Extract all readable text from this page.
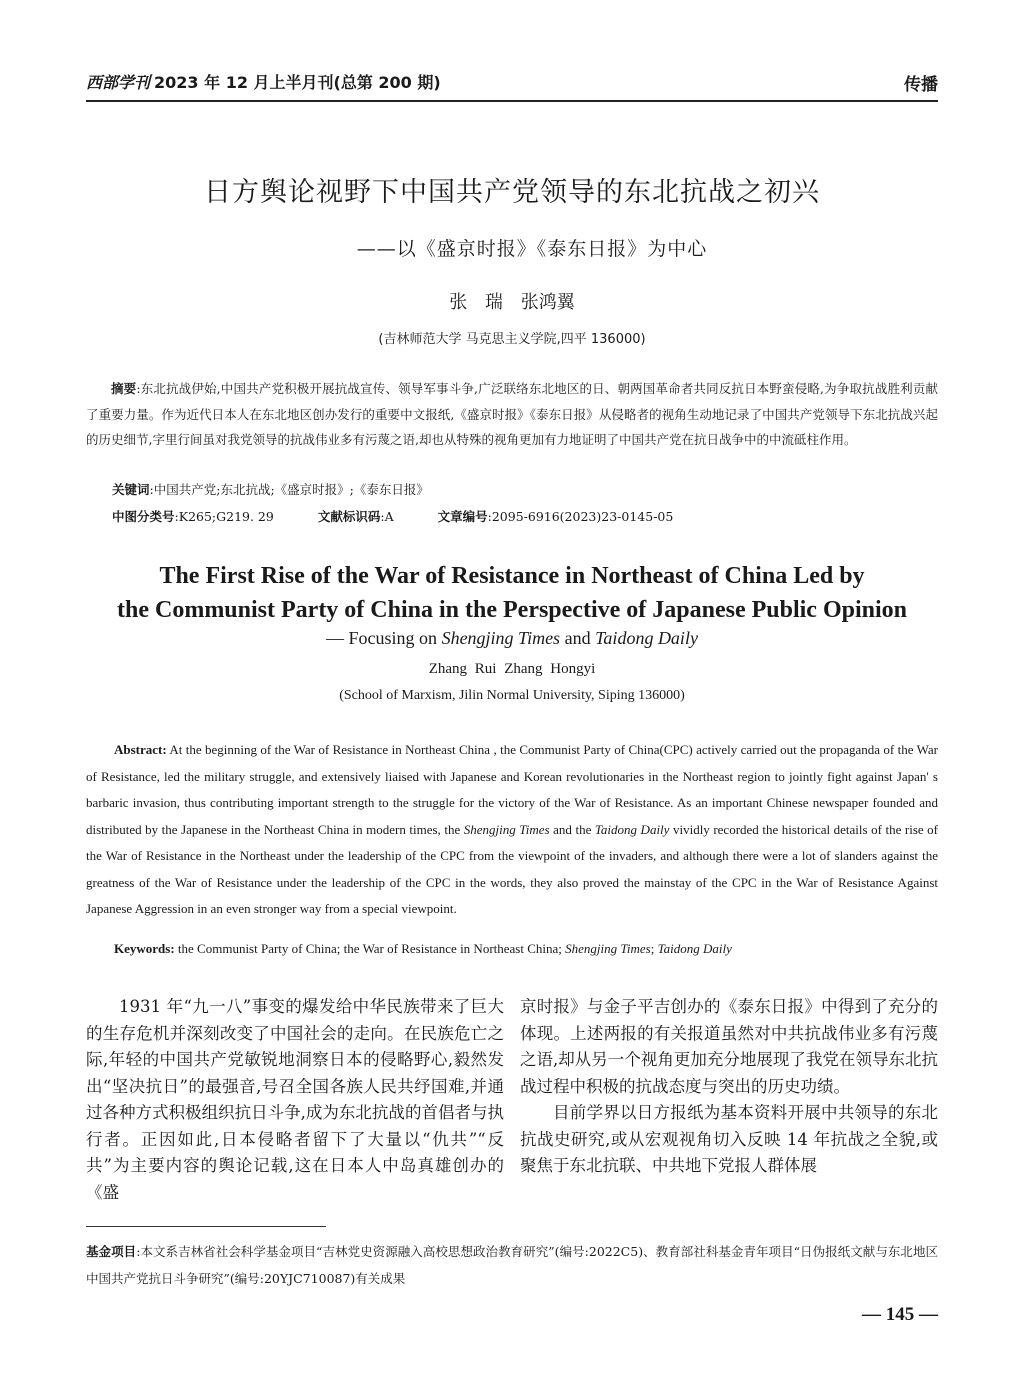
西部学刊 2023 年 12 月上半月刊(总第 200 期)	传播
日方舆论视野下中国共产党领导的东北抗战之初兴
——以《盛京时报》《泰东日报》为中心
张 瑞 张鸿翼
(吉林师范大学 马克思主义学院,四平 136000)

摘要:东北抗战伊始,中国共产党积极开展抗战宣传、领导军事斗争,广泛联络东北地区的日、朝两国革命者共同反抗日本野蛮侵略,为争取抗战胜利贡献了重要力量。作为近代日本人在东北地区创办发行的重要中文报纸,《盛京时报》《泰东日报》从侵略者的视角生动地记录了中国共产党领导下东北抗战兴起的历史细节,字里行间虽对我党领导的抗战伟业多有污蔑之语,却也从特殊的视角更加有力地证明了中国共产党在抗日战争中的中流砥柱作用。

关键词:中国共产党;东北抗战;《盛京时报》;《泰东日报》
中图分类号:K265;G219. 29	文献标识码:A	文章编号:2095-6916(2023)23-0145-05
The First Rise of the War of Resistance in Northeast of China Led by
the Communist Party of China in the Perspective of Japanese Public Opinion
— Focusing on Shengjing Times and Taidong Daily
Zhang Rui Zhang Hongyi
(School of Marxism, Jilin Normal University, Siping 136000)
Abstract: At the beginning of the War of Resistance in Northeast China , the Communist Party of China(CPC) actively carried out the propaganda of the War of Resistance, led the military struggle, and extensively liaised with Japanese and Korean revolutionaries in the Northeast region to jointly fight against Japan' s barbaric invasion, thus contributing important strength to the struggle for the victory of the War of Resistance. As an important Chinese newspaper founded and distributed by the Japanese in the Northeast China in modern times, the Shengjing Times and the Taidong Daily vividly recorded the historical details of the rise of the War of Resistance in the Northeast under the leadership of the CPC from the viewpoint of the invaders, and although there were a lot of slanders against the greatness of the War of Resistance under the leadership of the CPC in the words, they also proved the mainstay of the CPC in the War of Resistance Against Japanese Aggression in an even stronger way from a special viewpoint.
Keywords: the Communist Party of China; the War of Resistance in Northeast China; Shengjing Times; Taidong Daily

1931 年“九一八”事变的爆发给中华民族带来了巨大的生存危机并深刻改变了中国社会的走向。在民族危亡之际,年轻的中国共产党敏锐地洞察日本的侵略野心,毅然发出“坚决抗日”的最强音,号召全国各族人民共纾国难,并通过各种方式积极组织抗日斗争,成为东北抗战的首倡者与执行者。正因如此,日本侵略者留下了大量以“仇共”“反共”为主要内容的舆论记载,这在日本人中岛真雄创办的《盛

京时报》与金子平吉创办的《泰东日报》中得到了充分的体现。上述两报的有关报道虽然对中共抗战伟业多有污蔑之语,却从另一个视角更加充分地展现了我党在领导东北抗战过程中积极的抗战态度与突出的历史功绩。

目前学界以日方报纸为基本资料开展中共领导的东北抗战史研究,或从宏观视角切入反映 14 年抗战之全貌,或聚焦于东北抗联、中共地下党报人群体展

基金项目:本文系吉林省社会科学基金项目“吉林党史资源融入高校思想政治教育研究”(编号:2022C5)、教育部社科基金青年项目“日伪报纸文献与东北地区中国共产党抗日斗争研究”(编号:20YJC710087)有关成果
— 145 —
